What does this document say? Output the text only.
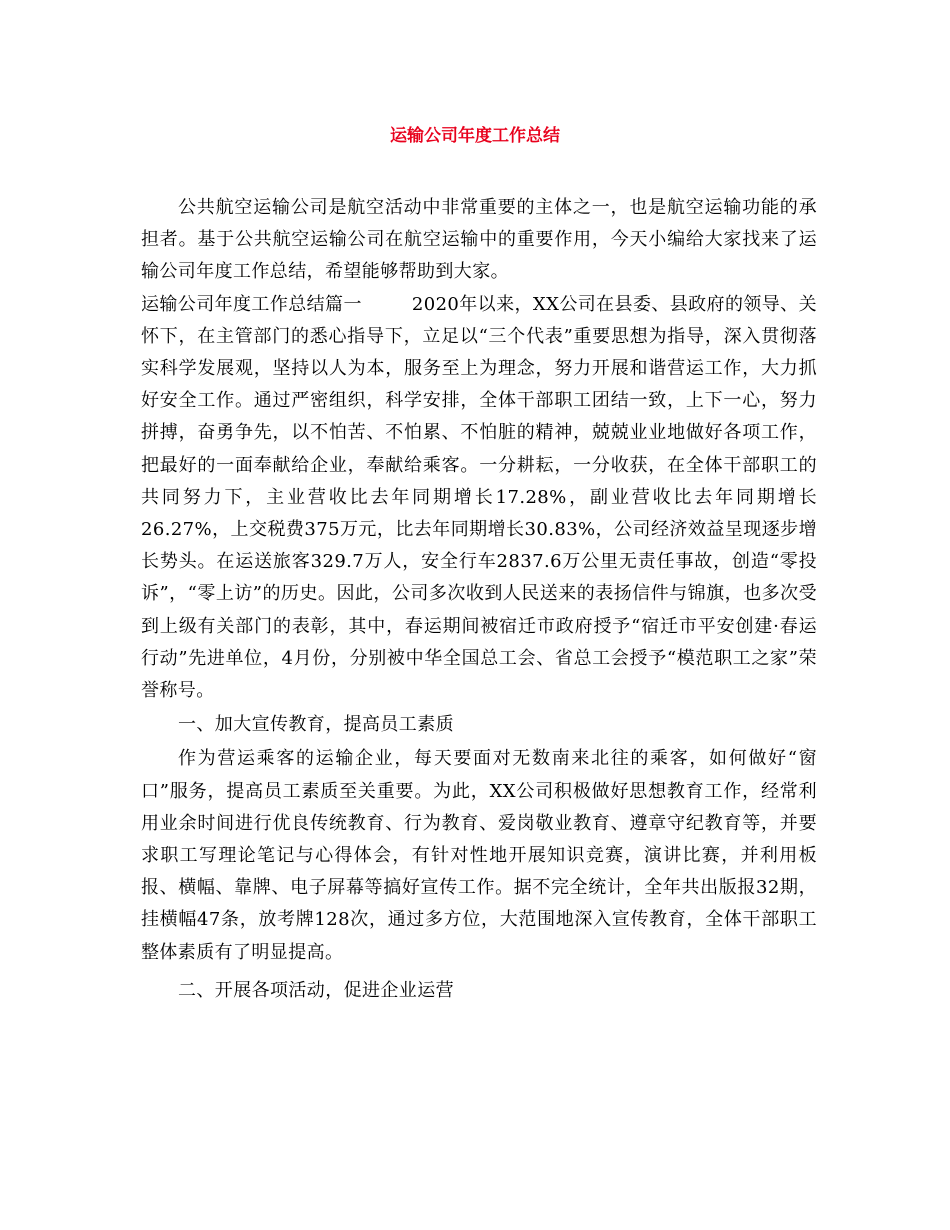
运输公司年度工作总结

公共航空运输公司是航空活动中非常重要的主体之一，也是航空运输功能的承担者。基于公共航空运输公司在航空运输中的重要作用，今天小编给大家找来了运输公司年度工作总结，希望能够帮助到大家。

运输公司年度工作总结篇一	2020年以来，XX公司在县委、县政府的领导、关怀下，在主管部门的悉心指导下，立足以“三个代表”重要思想为指导，深入贯彻落实科学发展观，坚持以人为本，服务至上为理念，努力开展和谐营运工作，大力抓好安全工作。通过严密组织，科学安排，全体干部职工团结一致，上下一心，努力拼搏，奋勇争先，以不怕苦、不怕累、不怕脏的精神，兢兢业业地做好各项工作，把最好的一面奉献给企业，奉献给乘客。一分耕耘，一分收获，在全体干部职工的共同努力下，主业营收比去年同期增长17.28%，副业营收比去年同期增长26.27%，上交税费375万元，比去年同期增长30.83%，公司经济效益呈现逐步增长势头。在运送旅客329.7万人，安全行车2837.6万公里无责任事故，创造“零投诉”，“零上访”的历史。因此，公司多次收到人民送来的表扬信件与锦旗，也多次受到上级有关部门的表彰，其中，春运期间被宿迁市政府授予“宿迁市平安创建·春运行动”先进单位，4月份，分别被中华全国总工会、省总工会授予“模范职工之家”荣誉称号。

一、加大宣传教育，提高员工素质

作为营运乘客的运输企业，每天要面对无数南来北往的乘客，如何做好“窗口”服务，提高员工素质至关重要。为此，XX公司积极做好思想教育工作，经常利用业余时间进行优良传统教育、行为教育、爱岗敬业教育、遵章守纪教育等，并要求职工写理论笔记与心得体会，有针对性地开展知识竞赛，演讲比赛，并利用板报、横幅、靠牌、电子屏幕等搞好宣传工作。据不完全统计，全年共出版报32期，挂横幅47条，放考牌128次，通过多方位，大范围地深入宣传教育，全体干部职工整体素质有了明显提高。

二、开展各项活动，促进企业运营
